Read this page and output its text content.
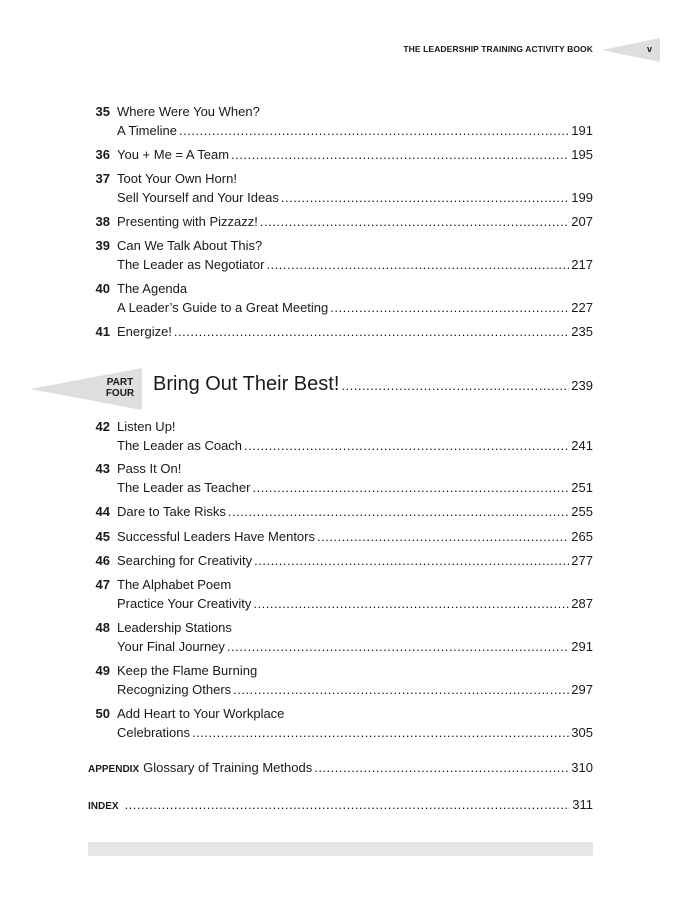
THE LEADERSHIP TRAINING ACTIVITY BOOK	v
35 Where Were You When?
A Timeline .....	191
36 You + Me = A Team .....	195
37 Toot Your Own Horn!
Sell Yourself and Your Ideas .....	199
38 Presenting with Pizzazz! .....	207
39 Can We Talk About This?
The Leader as Negotiator .....	217
40 The Agenda
A Leader’s Guide to a Great Meeting .....	227
41 Energize! .....	235
PART
FOUR Bring Out Their Best! .....	239
42 Listen Up!
The Leader as Coach .....	241
43 Pass It On!
The Leader as Teacher .....	251
44 Dare to Take Risks .....	255
45 Successful Leaders Have Mentors .....	265
46 Searching for Creativity .....	277
47 The Alphabet Poem
Practice Your Creativity .....	287
48 Leadership Stations
Your Final Journey .....	291
49 Keep the Flame Burning
Recognizing Others .....	297
50 Add Heart to Your Workplace
Celebrations .....	305
APPENDIX Glossary of Training Methods .....	310
INDEX .....	311
